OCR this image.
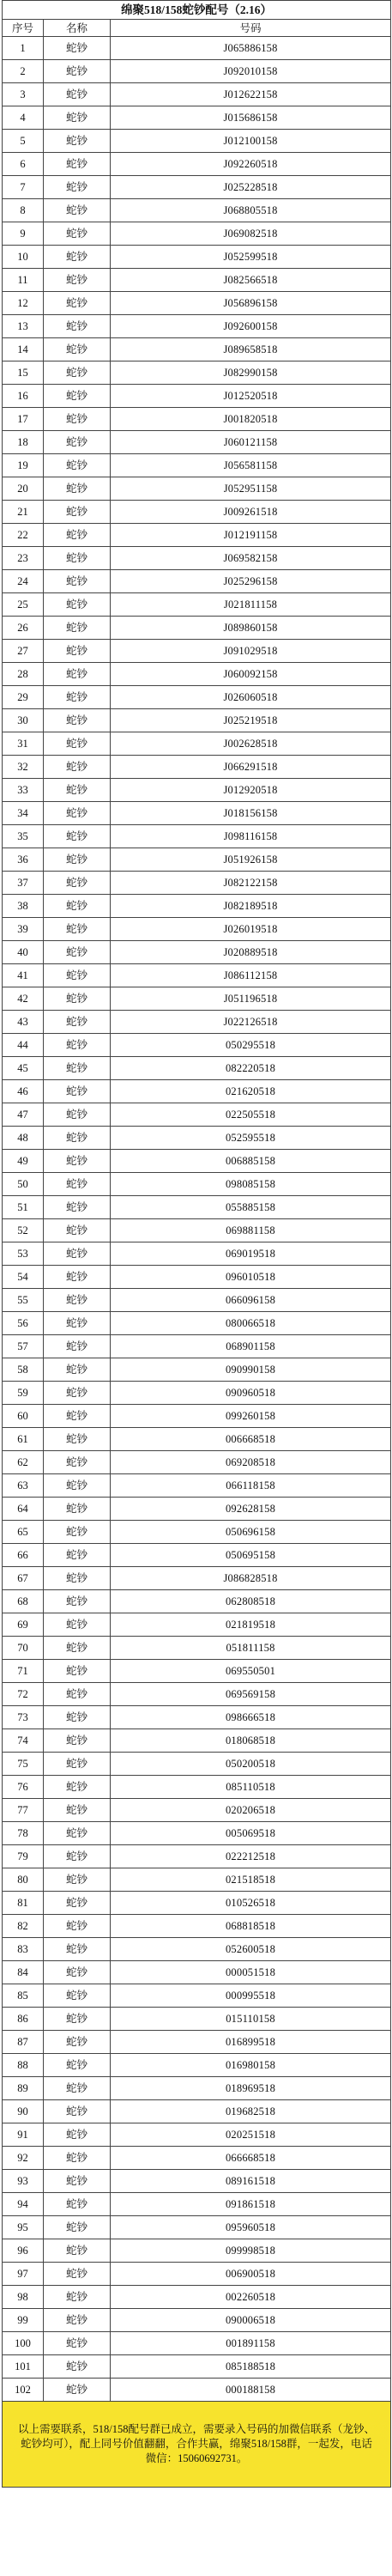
绵聚518/158蛇钞配号（2.16）		
序号	名称	号码
1	蛇钞	J065886158
2	蛇钞	J092010158
3	蛇钞	J012622158
4	蛇钞	J015686158
5	蛇钞	J012100158
6	蛇钞	J092260518
7	蛇钞	J025228518
8	蛇钞	J068805518
9	蛇钞	J069082518
10	蛇钞	J052599518
11	蛇钞	J082566518
12	蛇钞	J056896158
13	蛇钞	J092600158
14	蛇钞	J089658518
15	蛇钞	J082990158
16	蛇钞	J012520518
17	蛇钞	J001820518
18	蛇钞	J060121158
19	蛇钞	J056581158
20	蛇钞	J052951158
21	蛇钞	J009261518
22	蛇钞	J012191158
23	蛇钞	J069582158
24	蛇钞	J025296158
25	蛇钞	J021811158
26	蛇钞	J089860158
27	蛇钞	J091029518
28	蛇钞	J060092158
29	蛇钞	J026060518
30	蛇钞	J025219518
31	蛇钞	J002628518
32	蛇钞	J066291518
33	蛇钞	J012920518
34	蛇钞	J018156158
35	蛇钞	J098116158
36	蛇钞	J051926158
37	蛇钞	J082122158
38	蛇钞	J082189518
39	蛇钞	J026019518
40	蛇钞	J020889518
41	蛇钞	J086112158
42	蛇钞	J051196518
43	蛇钞	J022126518
44	蛇钞	050295518
45	蛇钞	082220518
46	蛇钞	021620518
47	蛇钞	022505518
48	蛇钞	052595518
49	蛇钞	006885158
50	蛇钞	098085158
51	蛇钞	055885158
52	蛇钞	069881158
53	蛇钞	069019518
54	蛇钞	096010518
55	蛇钞	066096158
56	蛇钞	080066518
57	蛇钞	068901158
58	蛇钞	090990158
59	蛇钞	090960518
60	蛇钞	099260158
61	蛇钞	006668518
62	蛇钞	069208518
63	蛇钞	066118158
64	蛇钞	092628158
65	蛇钞	050696158
66	蛇钞	050695158
67	蛇钞	J086828518
68	蛇钞	062808518
69	蛇钞	021819518
70	蛇钞	051811158
71	蛇钞	069550501
72	蛇钞	069569158
73	蛇钞	098666518
74	蛇钞	018068518
75	蛇钞	050200518
76	蛇钞	085110518
77	蛇钞	020206518
78	蛇钞	005069518
79	蛇钞	022212518
80	蛇钞	021518518
81	蛇钞	010526518
82	蛇钞	068818518
83	蛇钞	052600518
84	蛇钞	000051518
85	蛇钞	000995518
86	蛇钞	015110158
87	蛇钞	016899518
88	蛇钞	016980158
89	蛇钞	018969518
90	蛇钞	019682518
91	蛇钞	020251518
92	蛇钞	066668518
93	蛇钞	089161518
94	蛇钞	091861518
95	蛇钞	095960518
96	蛇钞	099998518
97	蛇钞	006900518
98	蛇钞	002260518
99	蛇钞	090006518
100	蛇钞	001891158
101	蛇钞	085188518
102	蛇钞	000188158
以上需要联系，518/158配号群已成立，需要录入号码的加微信联系（龙钞、蛇钞均可），配上同号价值翻翻，合作共赢，绵聚518/158群，一起发，电话微信：15060692731。		
